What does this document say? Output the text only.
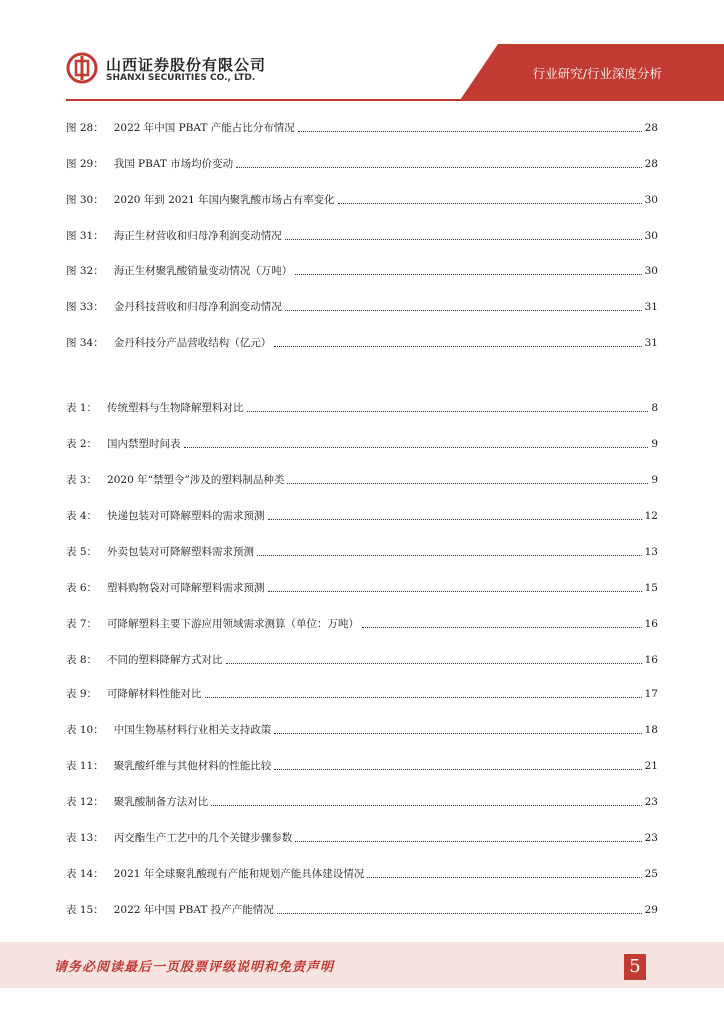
山西证券股份有限公司
SHANXI SECURITIES CO., LTD.	行业研究/行业深度分析
图 28： 2022 年中国 PBAT 产能占比分布情况	28
图 29： 我国 PBAT 市场均价变动	28
图 30： 2020 年到 2021 年国内聚乳酸市场占有率变化	30
图 31： 海正生材营收和归母净利润变动情况	30
图 32： 海正生材聚乳酸销量变动情况（万吨）	30
图 33： 金丹科技营收和归母净利润变动情况	31
图 34： 金丹科技分产品营收结构（亿元）	31
表 1： 传统塑料与生物降解塑料对比	8
表 2： 国内禁塑时间表	9
表 3： 2020 年“禁塑令”涉及的塑料制品种类	9
表 4： 快递包装对可降解塑料的需求预测	12
表 5： 外卖包装对可降解塑料需求预测	13
表 6： 塑料购物袋对可降解塑料需求预测	15
表 7： 可降解塑料主要下游应用领域需求测算（单位：万吨）	16
表 8： 不同的塑料降解方式对比	16
表 9： 可降解材料性能对比	17
表 10： 中国生物基材料行业相关支持政策	18
表 11： 聚乳酸纤维与其他材料的性能比较	21
表 12： 聚乳酸制备方法对比	23
表 13： 丙交酯生产工艺中的几个关键步骤参数	23
表 14： 2021 年全球聚乳酸现有产能和规划产能具体建设情况	25
表 15： 2022 年中国 PBAT 投产产能情况	29
请务必阅读最后一页股票评级说明和免责声明	5
